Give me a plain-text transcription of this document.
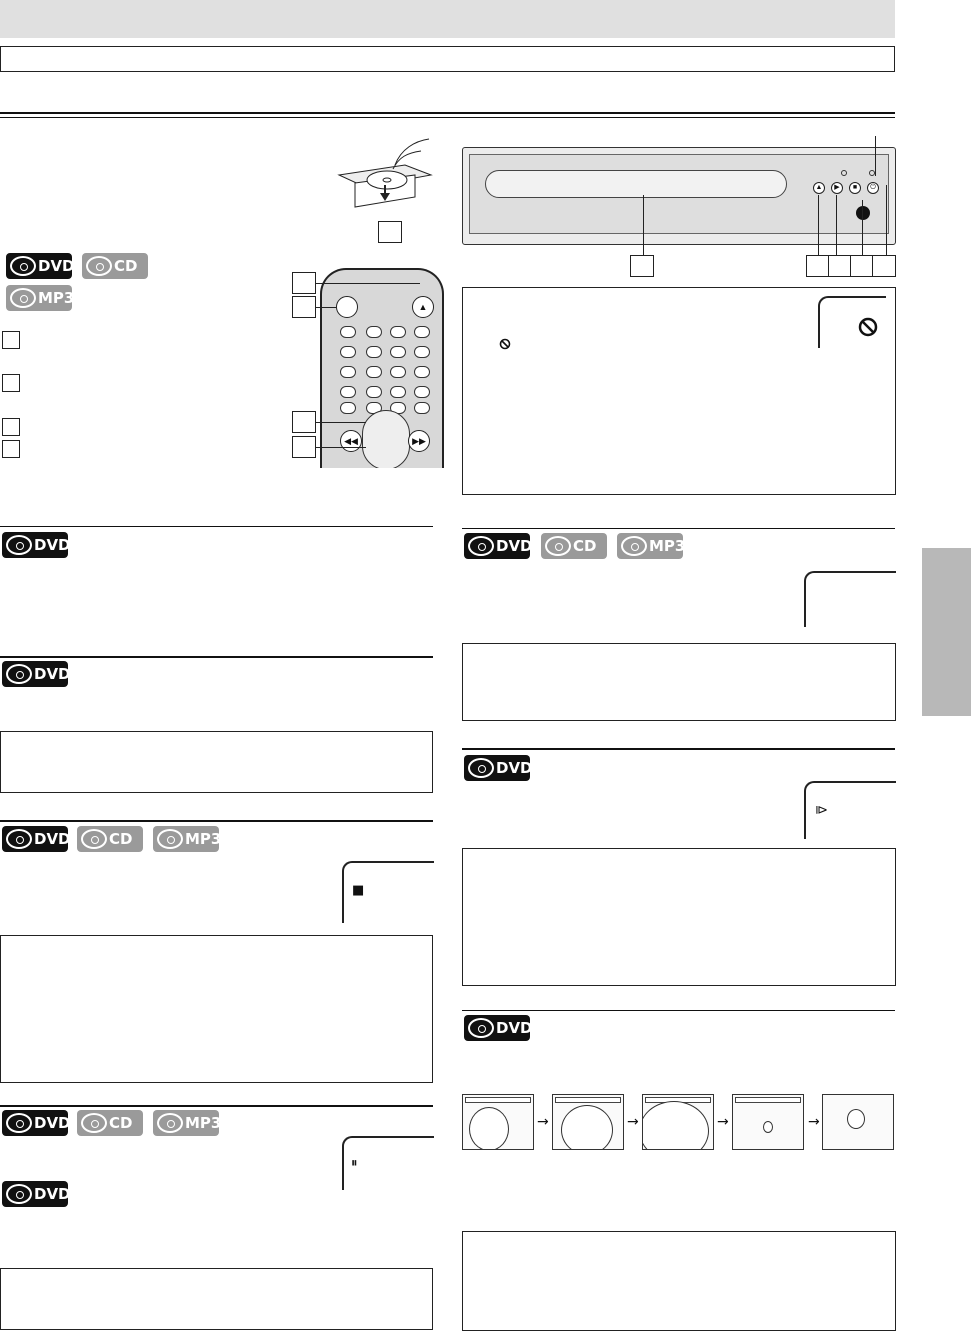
DVD	CD
MP3	▲
◀◀	▶▶
▲	▶	■	⏻
DVD
DVD
DVD	CD	MP3
■
DVD	CD	MP3
⏸
DVD
DVD	CD	MP3
DVD
⧐
DVD
→	→	→	→
